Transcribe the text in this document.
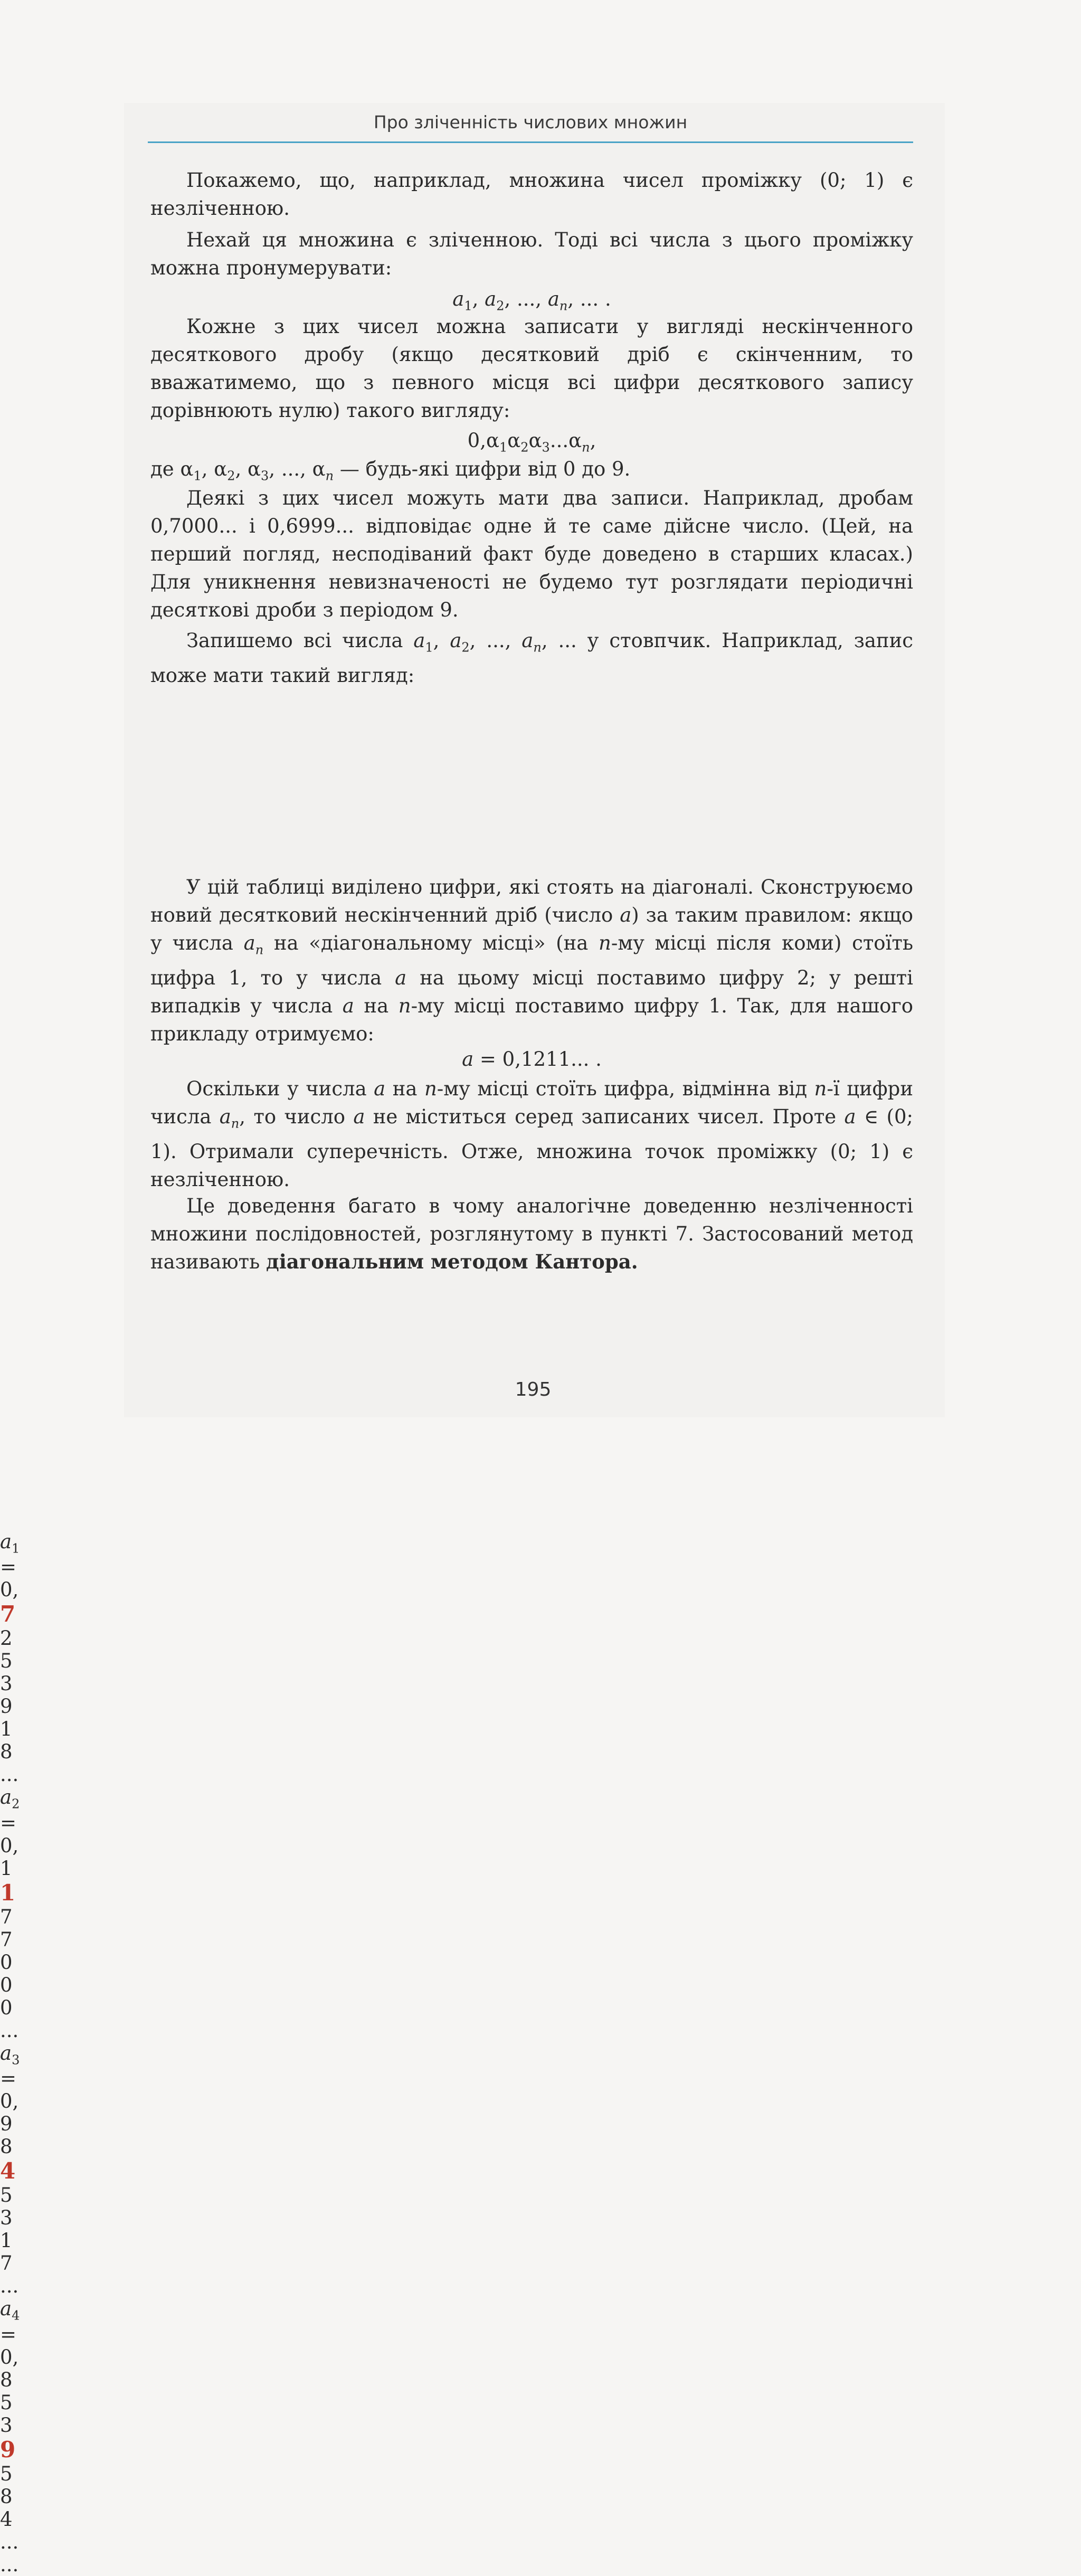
Про зліченність числових множин
Покажемо, що, наприклад, множина чисел проміжку (0; 1) є незліченною.
Нехай ця множина є зліченною. Тоді всі числа з цього проміжку можна пронумерувати:
$a_1$, $a_2$, ..., $a_n$, ... .
Кожне з цих чисел можна записати у вигляді нескінченного десяткового дробу (якщо десятковий дріб є скінченним, то вважатимемо, що з певного місця всі цифри десяткового запису дорівнюють нулю) такого вигляду:
$0,\alpha_1\alpha_2\alpha_3...\alpha_n$,
де $\alpha_1$, $\alpha_2$, $\alpha_3$, ..., $\alpha_n$ — будь-які цифри від 0 до 9.
Деякі з цих чисел можуть мати два записи. Наприклад, дробам 0,7000... і 0,6999... відповідає одне й те саме дійсне число. (Цей, на перший погляд, несподіваний факт буде доведено в старших класах.) Для уникнення невизначеності не будемо тут розглядати періодичні десяткові дроби з періодом 9.
Запишемо всі числа $a_1$, $a_2$, ..., $a_n$, ... у стовпчик. Наприклад, запис може мати такий вигляд:
У цій таблиці виділено цифри, які стоять на діагоналі. Сконструюємо новий десятковий нескінченний дріб (число a) за таким правилом: якщо у числа $a_n$ на «діагональному місці» (на n-му місці після коми) стоїть цифра 1, то у числа a на цьому місці поставимо цифру 2; у решті випадків у числа a на n-му місці поставимо цифру 1. Так, для нашого прикладу отримуємо:
a = 0,1211... .
Оскільки у числа a на n-му місці стоїть цифра, відмінна від n-ї цифри числа $a_n$, то число a не міститься серед записаних чисел. Проте a ∈ (0; 1). Отримали суперечність. Отже, множина точок проміжку (0; 1) є незліченною.
Це доведення багато в чому аналогічне доведенню незліченності множини послідовностей, розглянутому в пункті 7. Застосований метод називають діагональним методом Кантора.
195
$a_1$
=
0,
7
2
5
3
9
1
8
...
$a_2$
=
0,
1
1
7
7
0
0
0
...
$a_3$
=
0,
9
8
4
5
3
1
7
...
$a_4$
=
0,
8
5
3
9
5
8
4
...
...
